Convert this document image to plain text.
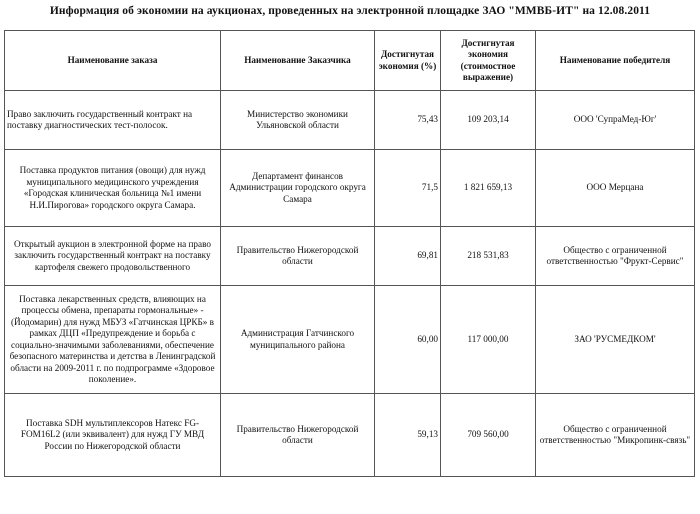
Информация об экономии на аукционах, проведенных на электронной площадке ЗАО "ММВБ-ИТ" на 12.08.2011
Наименование заказа	Наименование Заказчика	Достигнутая экономия (%)	Достигнутая экономия (стоимостное выражение)	Наименование победителя
Право заключить государственный контракт на поставку диагностических тест-полосок.	Министерство экономики Ульяновской области	75,43	109 203,14	ООО 'СупраМед-Юг'
Поставка продуктов питания (овощи) для нужд муниципального медицинского учреждения «Городская клиническая больница №1 имени Н.И.Пирогова» городского округа Самара.	Департамент финансов Администрации городского округа Самара	71,5	1 821 659,13	ООО Мерцана
Открытый аукцион в электронной форме на право заключить государственный контракт на поставку картофеля свежего продовольственного	Правительство Нижегородской области	69,81	218 531,83	Общество с ограниченной ответственностью "Фрукт-Сервис"
Поставка лекарственных средств, влияющих на процессы обмена, препараты гормональные» - (Йодомарин) для нужд МБУЗ «Гатчинская ЦРКБ» в рамках ДЦП «Предупреждение и борьба с социально-значимыми заболеваниями, обеспечение безопасного материнства и детства в Ленинградской области на 2009-2011 г. по подпрограмме «Здоровое поколение».	Администрация Гатчинского муниципального района	60,00	117 000,00	ЗАО 'РУСМЕДКОМ'
Поставка SDH мультиплексоров Натекс FG-FOM16L2 (или эквивалент) для нужд ГУ МВД России по Нижегородской области	Правительство Нижегородской области	59,13	709 560,00	Общество с ограниченной ответственностью "Микропинк-связь"
